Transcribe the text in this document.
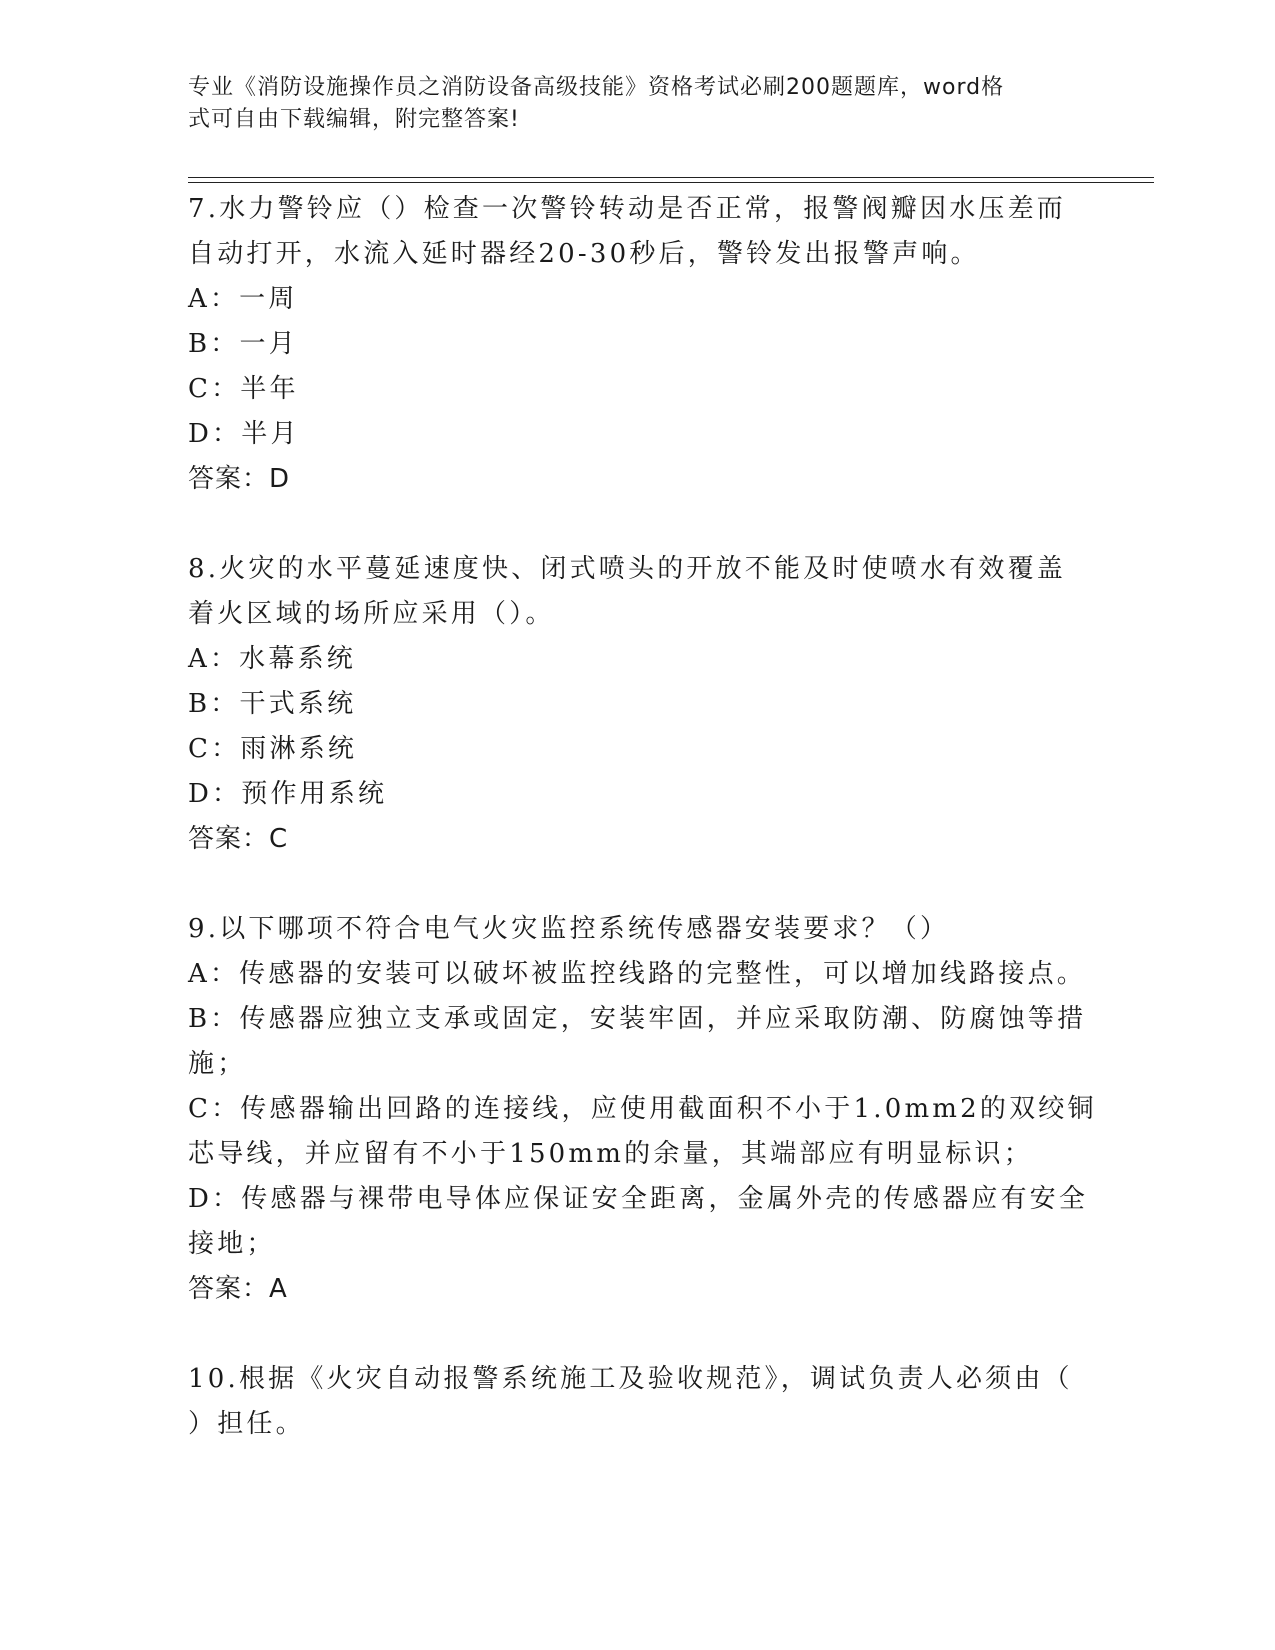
专业《消防设施操作员之消防设备高级技能》资格考试必刷200题题库，word格
式可自由下载编辑，附完整答案!
7.水力警铃应（）检查一次警铃转动是否正常，报警阀瓣因水压差而
自动打开，水流入延时器经20-30秒后，警铃发出报警声响。
A：一周
B：一月
C：半年
D：半月
答案：D
8.火灾的水平蔓延速度快、闭式喷头的开放不能及时使喷水有效覆盖
着火区域的场所应采用（）。
A：水幕系统
B：干式系统
C：雨淋系统
D：预作用系统
答案：C
9.以下哪项不符合电气火灾监控系统传感器安装要求？（）
A：传感器的安装可以破坏被监控线路的完整性，可以增加线路接点。
B：传感器应独立支承或固定，安装牢固，并应采取防潮、防腐蚀等措
施；
C：传感器输出回路的连接线，应使用截面积不小于1.0mm2的双绞铜
芯导线，并应留有不小于150mm的余量，其端部应有明显标识；
D：传感器与裸带电导体应保证安全距离，金属外壳的传感器应有安全
接地；
答案：A
10.根据《火灾自动报警系统施工及验收规范》，调试负责人必须由（
）担任。
